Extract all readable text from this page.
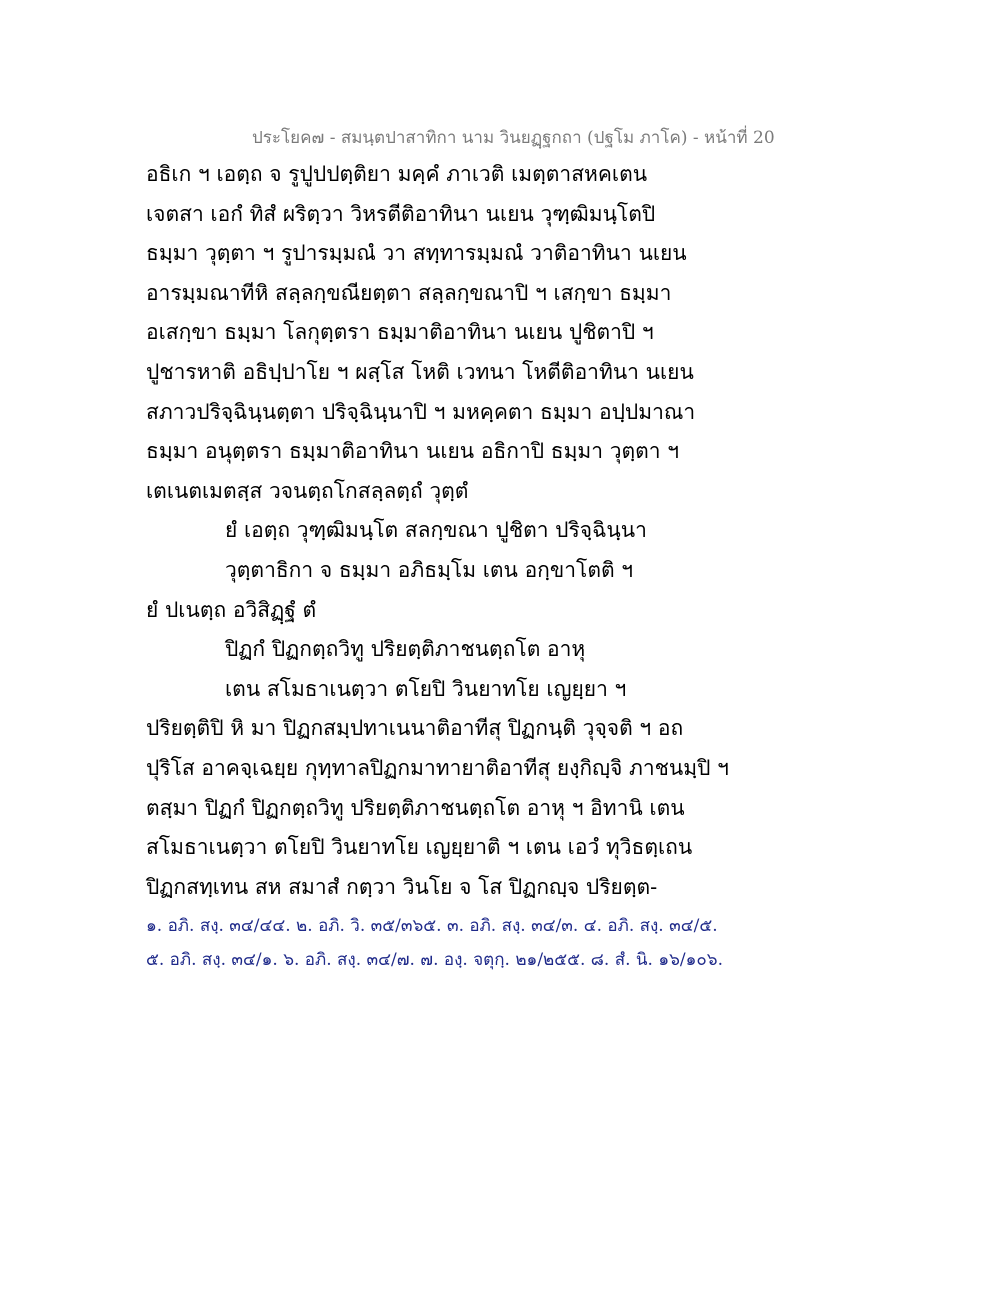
ประโยค๗ - สมนฺตปาสาทิกา นาม วินยฏฺฐกถา (ปฐโม ภาโค) - หน้าที่ 20
อธิเก ฯ เอตฺถ จ รูปูปปตฺติยา มคฺคํ ภาเวติ เมตฺตาสหคเตน
เจตสา เอกํ ทิสํ ผริตฺวา วิหรตีติอาทินา นเยน วุฑฺฒิมนฺโตปิ
ธมฺมา วุตฺตา ฯ รูปารมฺมณํ วา สทฺทารมฺมณํ วาติอาทินา นเยน
อารมฺมณาทีหิ สลฺลกฺขณียตฺตา สลฺลกฺขณาปิ ฯ เสกฺขา ธมฺมา
อเสกฺขา ธมฺมา โลกุตฺตรา ธมฺมาติอาทินา นเยน ปูชิตาปิ ฯ
ปูชารหาติ อธิปฺปาโย ฯ ผสฺโส โหติ เวทนา โหตีติอาทินา นเยน
สภาวปริจฺฉินฺนตฺตา ปริจฺฉินฺนาปิ ฯ มหคฺคตา ธมฺมา อปฺปมาณา
ธมฺมา อนุตฺตรา ธมฺมาติอาทินา นเยน อธิกาปิ ธมฺมา วุตฺตา ฯ
เตเนตเมตสฺส วจนตฺถโกสลฺลตฺถํ วุตฺตํ
ยํ เอตฺถ วุฑฺฒิมนฺโต สลกฺขณา ปูชิตา ปริจฺฉินฺนา
วุตฺตาธิกา จ ธมฺมา อภิธมฺโม เตน อกฺขาโตติ ฯ
ยํ ปเนตฺถ อวิสิฏฺฐํ ตํ
ปิฏกํ ปิฏกตฺถวิทู ปริยตฺติภาชนตฺถโต อาหุ
เตน สโมธาเนตฺวา ตโยปิ วินยาทโย เญยฺยา ฯ
ปริยตฺติปิ หิ มา ปิฏกสมฺปทาเนนาติอาทีสุ ปิฏกนฺติ วุจฺจติ ฯ อถ
ปุริโส อาคจฺเฉยฺย กุทฺทาลปิฏกมาทายาติอาทีสุ ยงฺกิญฺจิ ภาชนมฺปิ ฯ
ตสฺมา ปิฏกํ ปิฏกตฺถวิทู ปริยตฺติภาชนตฺถโต อาหุ ฯ อิทานิ เตน
สโมธาเนตฺวา ตโยปิ วินยาทโย เญยฺยาติ ฯ เตน เอวํ ทุวิธตฺเถน
ปิฏกสทฺเทน สห สมาสํ กตฺวา วินโย จ โส ปิฏกญฺจ ปริยตฺต-
๑. อภิ. สงฺ. ๓๔/๔๔. ๒. อภิ. วิ. ๓๕/๓๖๕. ๓. อภิ. สงฺ. ๓๔/๓. ๔. อภิ. สงฺ. ๓๔/๕.
๕. อภิ. สงฺ. ๓๔/๑. ๖. อภิ. สงฺ. ๓๔/๗. ๗. องฺ. จตุกฺ. ๒๑/๒๕๕. ๘. สํ. นิ. ๑๖/๑๐๖.
